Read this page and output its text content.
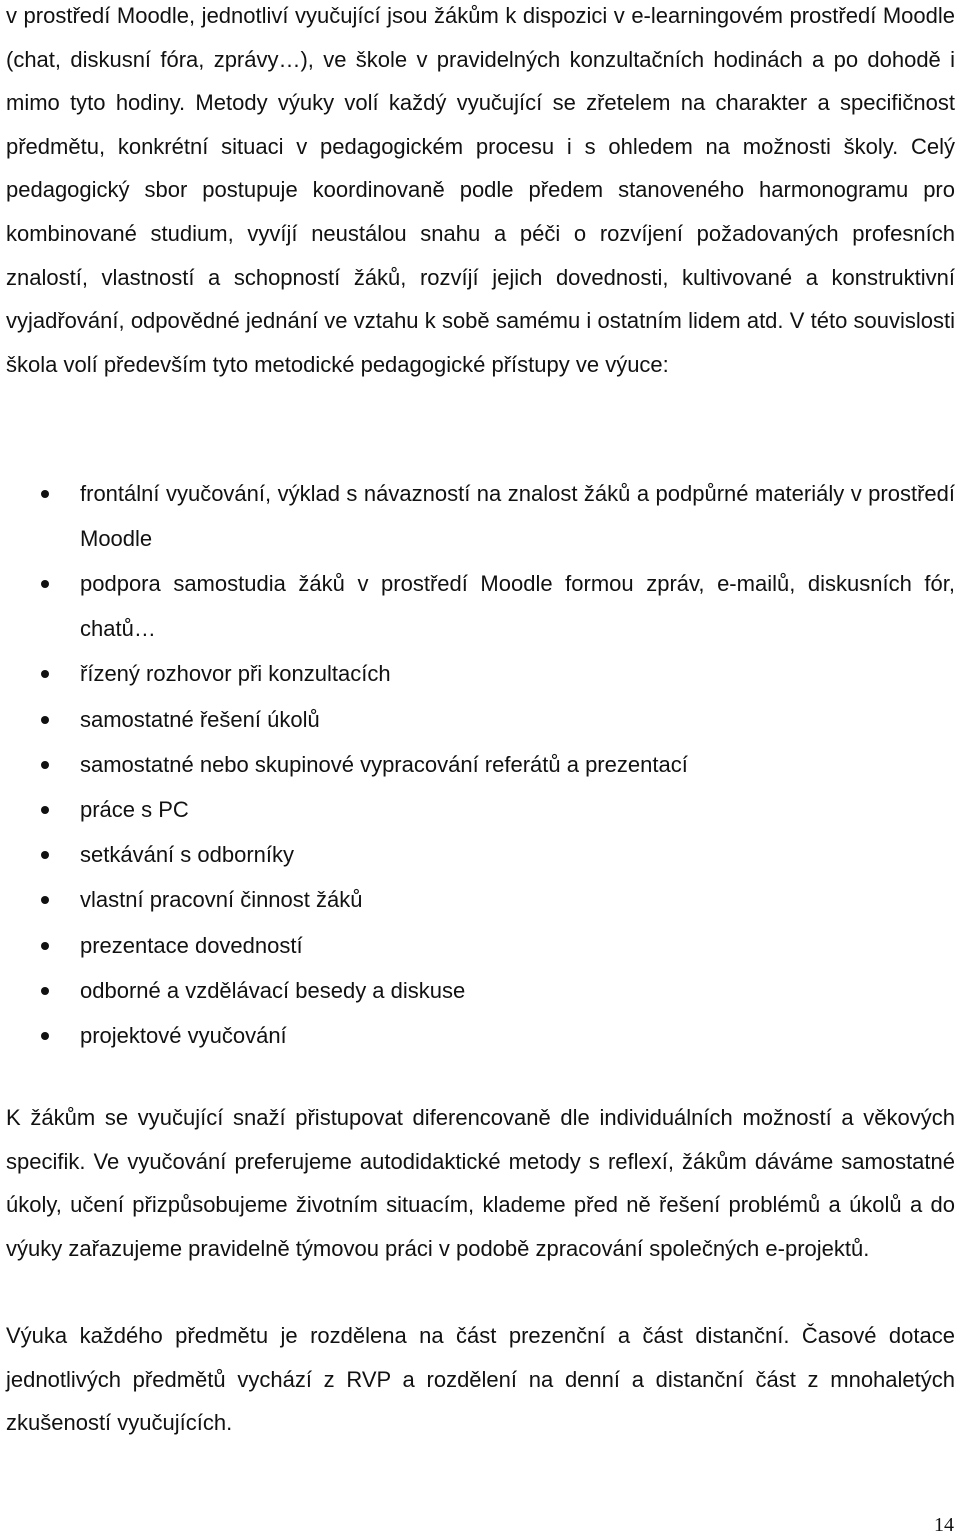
v prostředí Moodle, jednotliví vyučující jsou žákům k dispozici v e-learningovém prostředí Moodle (chat, diskusní fóra, zprávy…), ve škole v pravidelných konzultačních hodinách a po dohodě i mimo tyto hodiny. Metody výuky volí každý vyučující se zřetelem na charakter a specifičnost předmětu, konkrétní situaci v pedagogickém procesu i s ohledem na možnosti školy. Celý pedagogický sbor postupuje koordinovaně podle předem stanoveného harmonogramu pro kombinované studium, vyvíjí neustálou snahu a péči o rozvíjení požadovaných profesních znalostí, vlastností a schopností žáků, rozvíjí jejich dovednosti, kultivované a konstruktivní vyjadřování, odpovědné jednání ve vztahu k sobě samému i ostatním lidem atd. V této souvislosti škola volí především tyto metodické pedagogické přístupy ve výuce:

frontální vyučování, výklad s návazností na znalost žáků a podpůrné materiály v prostředí Moodle
podpora samostudia žáků v prostředí Moodle formou zpráv, e-mailů, diskusních fór, chatů…
řízený rozhovor při konzultacích
samostatné řešení úkolů
samostatné nebo skupinové vypracování referátů a prezentací
práce s PC
setkávání s odborníky
vlastní pracovní činnost žáků
prezentace dovedností
odborné a vzdělávací besedy a diskuse
projektové vyučování

K žákům se vyučující snaží přistupovat diferencovaně dle individuálních možností a věkových specifik. Ve vyučování preferujeme autodidaktické metody s reflexí, žákům dáváme samostatné úkoly, učení přizpůsobujeme životním situacím, klademe před ně řešení problémů a úkolů a do výuky zařazujeme pravidelně týmovou práci v podobě zpracování společných e-projektů.

Výuka každého předmětu je rozdělena na část prezenční a část distanční. Časové dotace jednotlivých předmětů vychází z RVP a rozdělení na denní a distanční část z mnohaletých zkušeností vyučujících.

14
